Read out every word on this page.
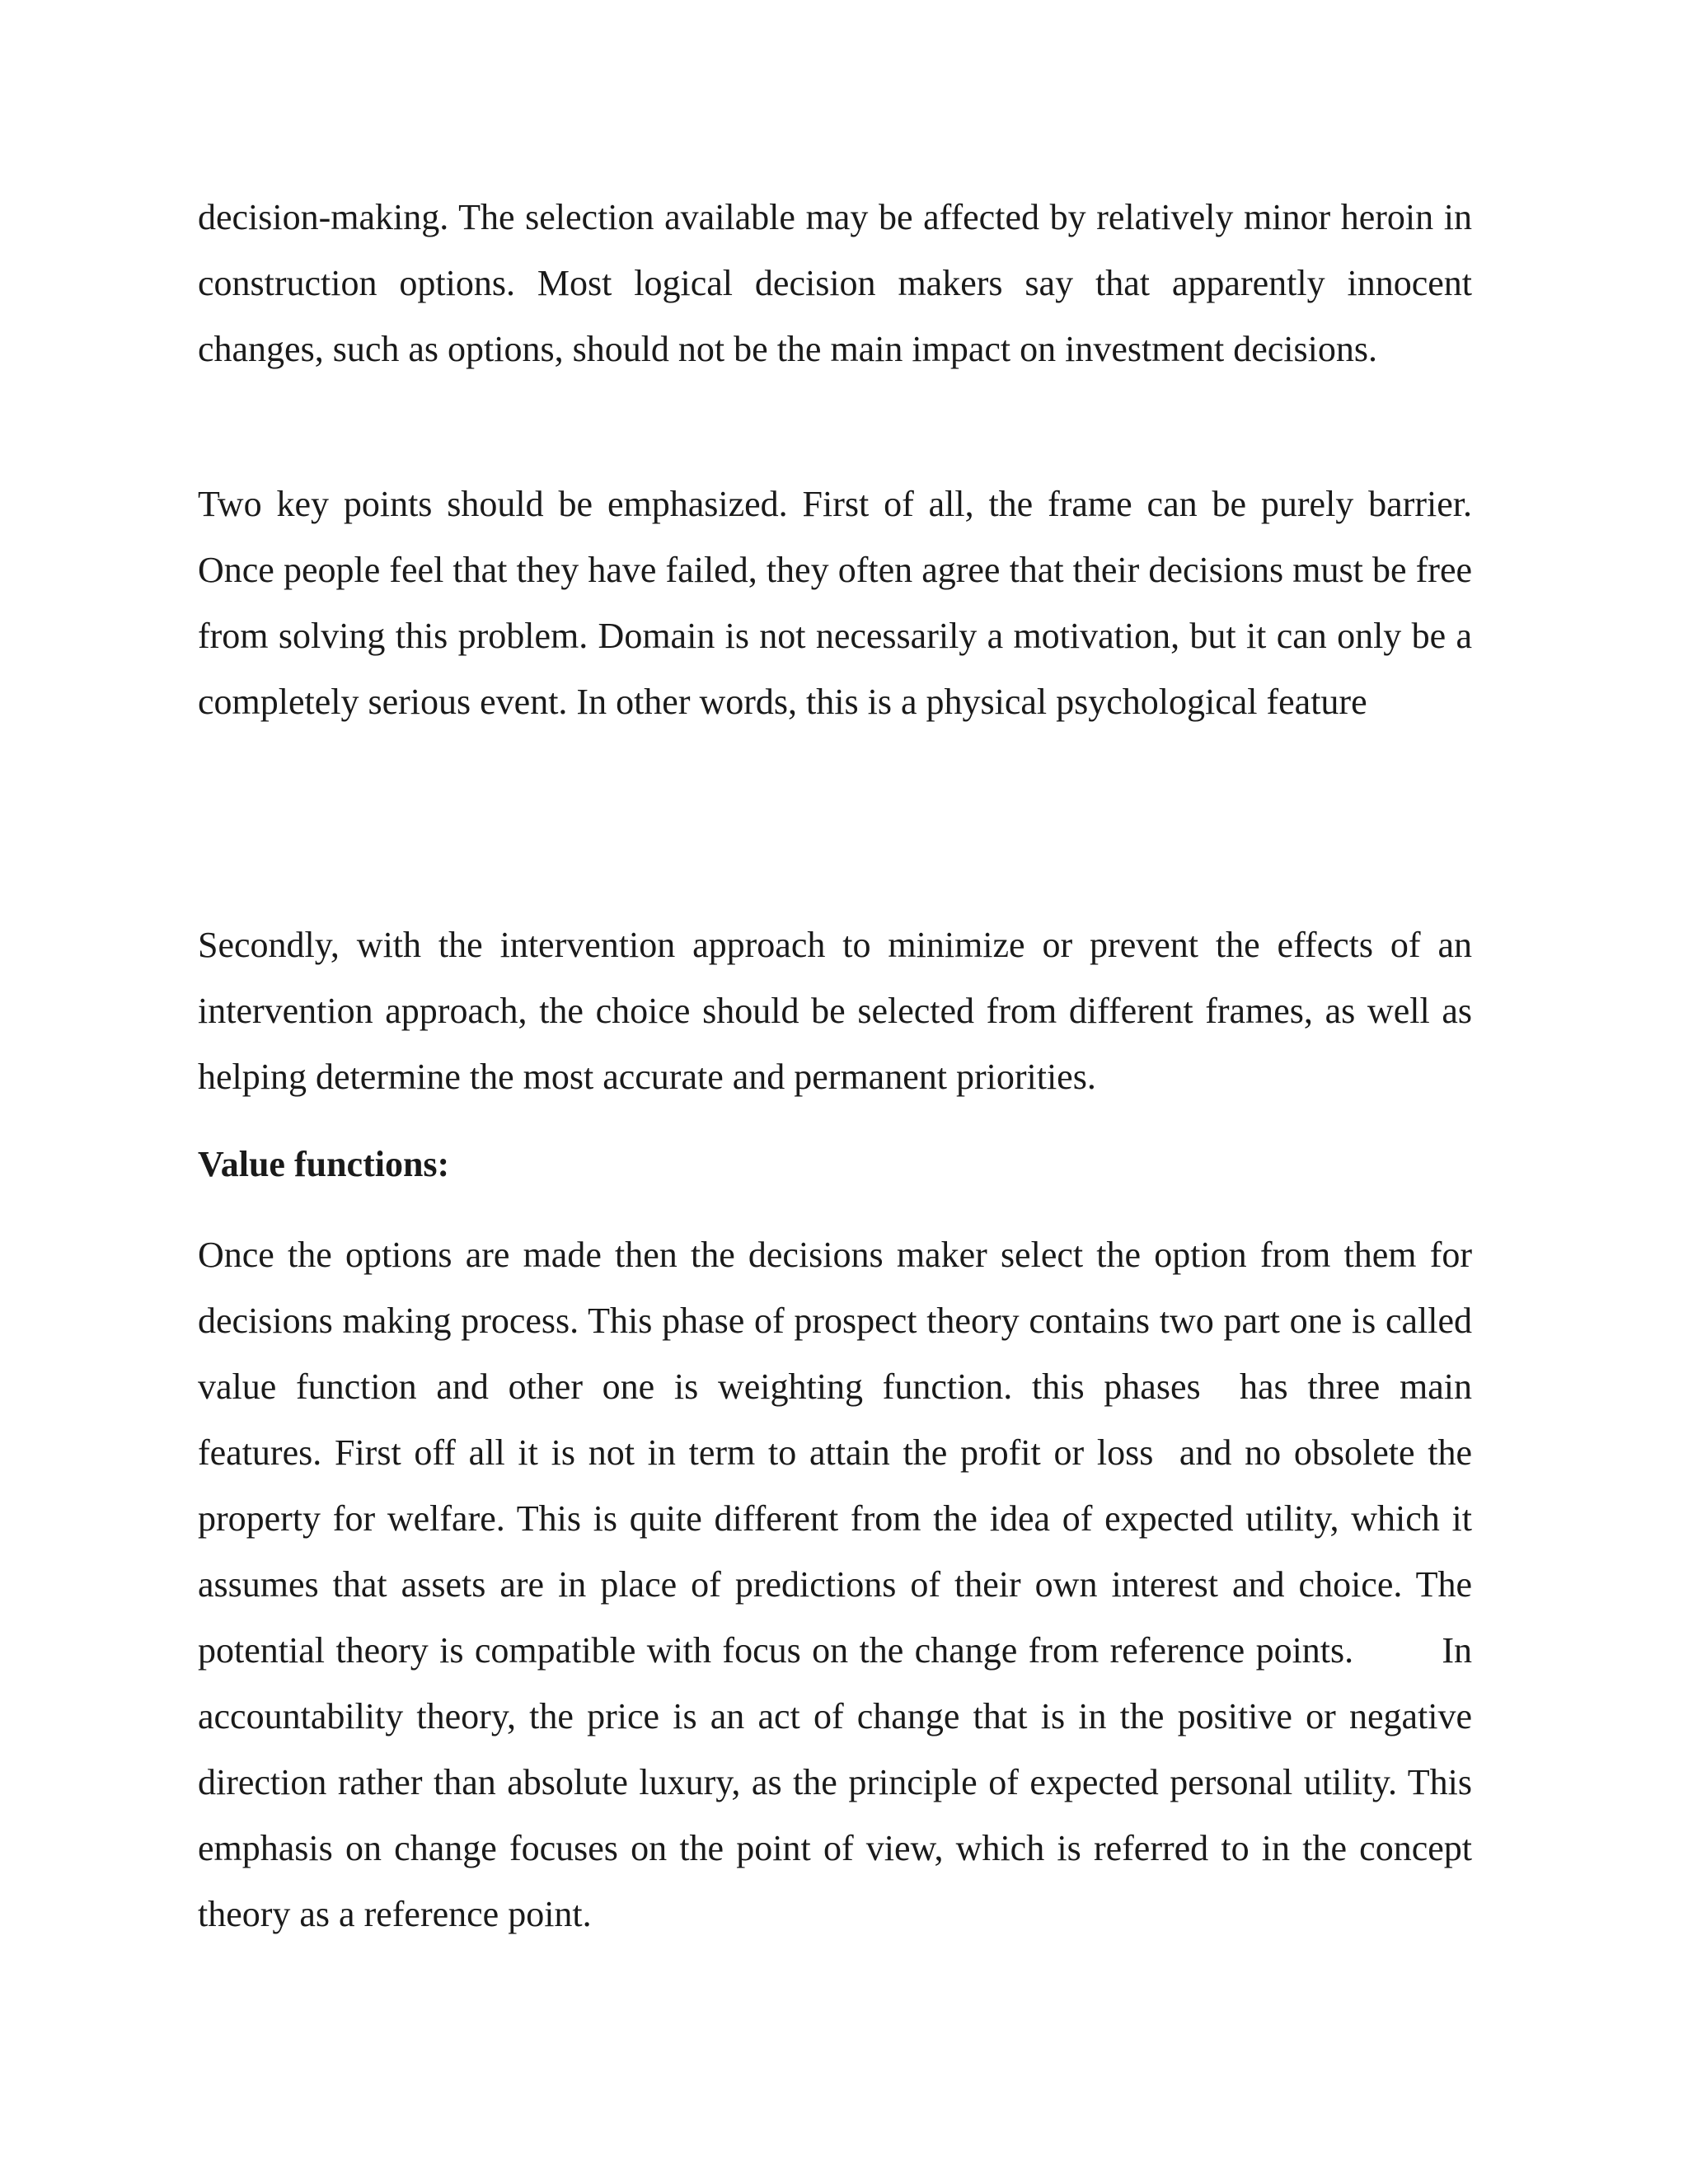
decision-making. The selection available may be affected by relatively minor heroin in construction options. Most logical decision makers say that apparently innocent changes, such as options, should not be the main impact on investment decisions.

Two key points should be emphasized. First of all, the frame can be purely barrier. Once people feel that they have failed, they often agree that their decisions must be free from solving this problem. Domain is not necessarily a motivation, but it can only be a completely serious event. In other words, this is a physical psychological feature

Secondly, with the intervention approach to minimize or prevent the effects of an intervention approach, the choice should be selected from different frames, as well as helping determine the most accurate and permanent priorities.

Value functions:

Once the options are made then the decisions maker select the option from them for decisions making process. This phase of prospect theory contains two part one is called value function and other one is weighting function. this phases  has three main  features. First off all it is not in term to attain the profit or loss  and no obsolete the property for welfare. This is quite different from the idea of expected utility, which it assumes that assets are in place of predictions of their own interest and choice. The potential theory is compatible with focus on the change from reference points.        In accountability theory, the price is an act of change that is in the positive or negative direction rather than absolute luxury, as the principle of expected personal utility. This emphasis on change focuses on the point of view, which is referred to in the concept theory as a reference point.
